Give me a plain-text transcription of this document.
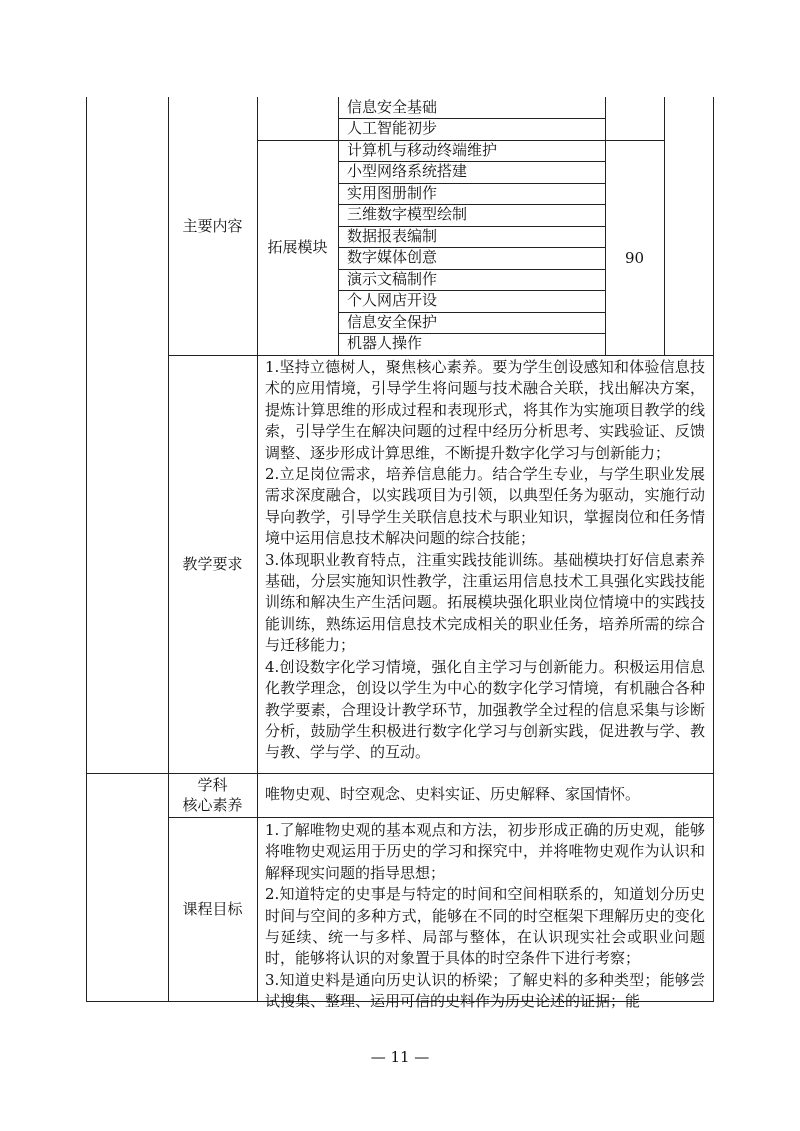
主要内容
信息安全基础
人工智能初步
拓展模块
计算机与移动终端维护
小型网络系统搭建
实用图册制作
三维数字模型绘制
数据报表编制
数字媒体创意
演示文稿制作
个人网店开设
信息安全保护
机器人操作
90
教学要求

1.坚持立德树人，聚焦核心素养。要为学生创设感知和体验信息技术的应用情境，引导学生将问题与技术融合关联，找出解决方案，提炼计算思维的形成过程和表现形式，将其作为实施项目教学的线索，引导学生在解决问题的过程中经历分析思考、实践验证、反馈调整、逐步形成计算思维，不断提升数字化学习与创新能力；

2.立足岗位需求，培养信息能力。结合学生专业，与学生职业发展需求深度融合，以实践项目为引领，以典型任务为驱动，实施行动导向教学，引导学生关联信息技术与职业知识，掌握岗位和任务情境中运用信息技术解决问题的综合技能；

3.体现职业教育特点，注重实践技能训练。基础模块打好信息素养基础，分层实施知识性教学，注重运用信息技术工具强化实践技能训练和解决生产生活问题。拓展模块强化职业岗位情境中的实践技能训练，熟练运用信息技术完成相关的职业任务，培养所需的综合与迁移能力；

4.创设数字化学习情境，强化自主学习与创新能力。积极运用信息化教学理念，创设以学生为中心的数字化学习情境，有机融合各种教学要素，合理设计教学环节，加强教学全过程的信息采集与诊断分析，鼓励学生积极进行数字化学习与创新实践，促进教与学、教与教、学与学、的互动。

学科
核心素养
唯物史观、时空观念、史料实证、历史解释、家国情怀。
课程目标

1.了解唯物史观的基本观点和方法，初步形成正确的历史观，能够将唯物史观运用于历史的学习和探究中，并将唯物史观作为认识和解释现实问题的指导思想；

2.知道特定的史事是与特定的时间和空间相联系的，知道划分历史时间与空间的多种方式，能够在不同的时空框架下理解历史的变化与延续、统一与多样、局部与整体，在认识现实社会或职业问题时，能够将认识的对象置于具体的时空条件下进行考察；

3.知道史料是通向历史认识的桥梁；了解史料的多种类型；能够尝试搜集、整理、运用可信的史料作为历史论述的证据；能

— 11 —
